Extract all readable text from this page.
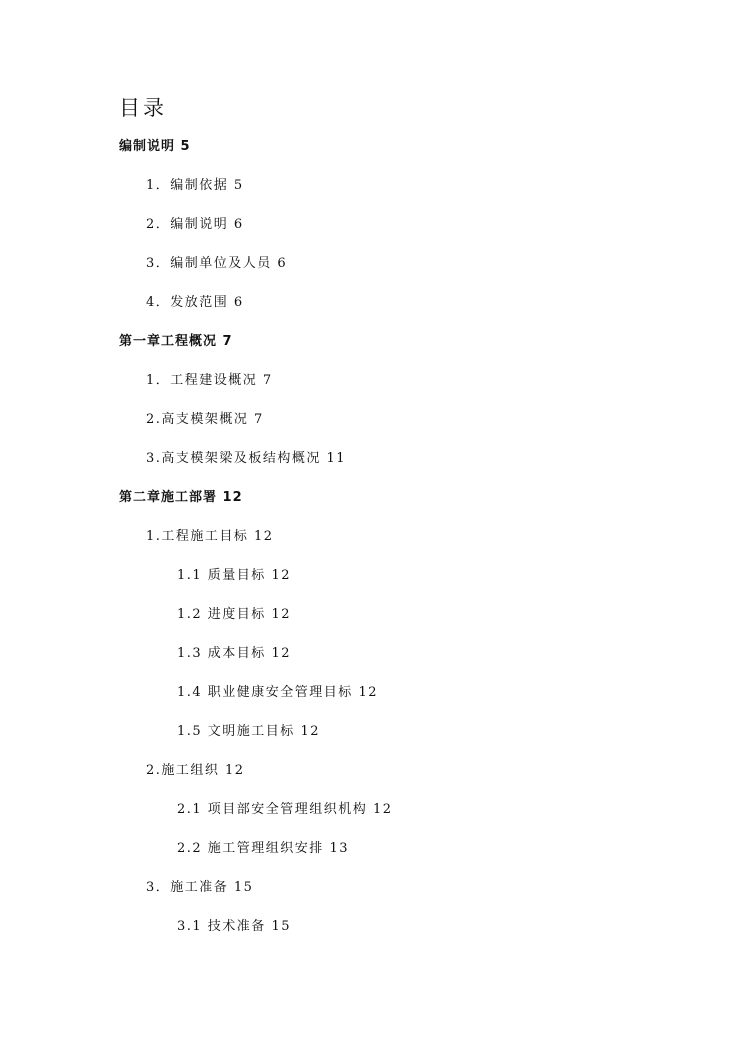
目录
编制说明 5
1．编制依据 5
2．编制说明 6
3．编制单位及人员 6
4．发放范围 6
第一章工程概况 7
1．工程建设概况 7
2.高支模架概况 7
3.高支模架梁及板结构概况 11
第二章施工部署 12
1.工程施工目标 12
1.1 质量目标 12
1.2 进度目标 12
1.3 成本目标 12
1.4 职业健康安全管理目标 12
1.5 文明施工目标 12
2.施工组织 12
2.1 项目部安全管理组织机构 12
2.2 施工管理组织安排 13
3．施工准备 15
3.1 技术准备 15
